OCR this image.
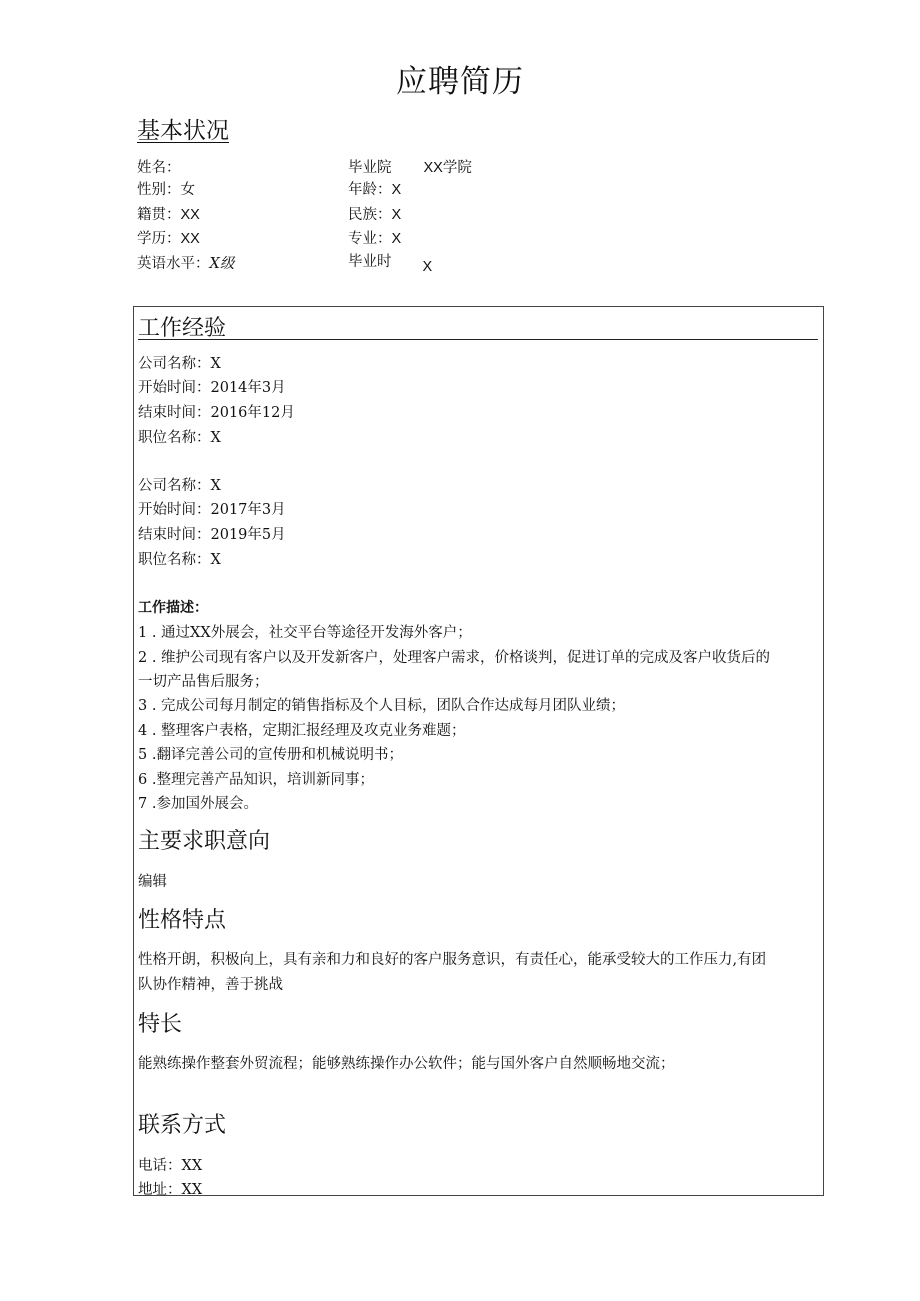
应聘简历
基本状况
姓名：
性别：女
籍贯：XX
学历：XX
英语水平：X级
毕业院 XX学院
年龄：X
民族：X
专业：X
毕业时 X
工作经验
公司名称：X
开始时间：2014年3月
结束时间：2016年12月
职位名称：X
公司名称：X
开始时间：2017年3月
结束时间：2019年5月
职位名称：X
工作描述：
1 . 通过XX外展会，社交平台等途径开发海外客户；
2 . 维护公司现有客户以及开发新客户，处理客户需求，价格谈判，促进订单的完成及客户收货后的
一切产品售后服务；
3 . 完成公司每月制定的销售指标及个人目标，团队合作达成每月团队业绩；
4 . 整理客户表格，定期汇报经理及攻克业务难题；
5 .翻译完善公司的宣传册和机械说明书；
6 .整理完善产品知识，培训新同事；
7 .参加国外展会。
主要求职意向
编辑
性格特点
性格开朗，积极向上，具有亲和力和良好的客户服务意识，有责任心，能承受较大的工作压力,有团
队协作精神，善于挑战
特长
能熟练操作整套外贸流程；能够熟练操作办公软件；能与国外客户自然顺畅地交流；
联系方式
电话：XX
地址：XX
